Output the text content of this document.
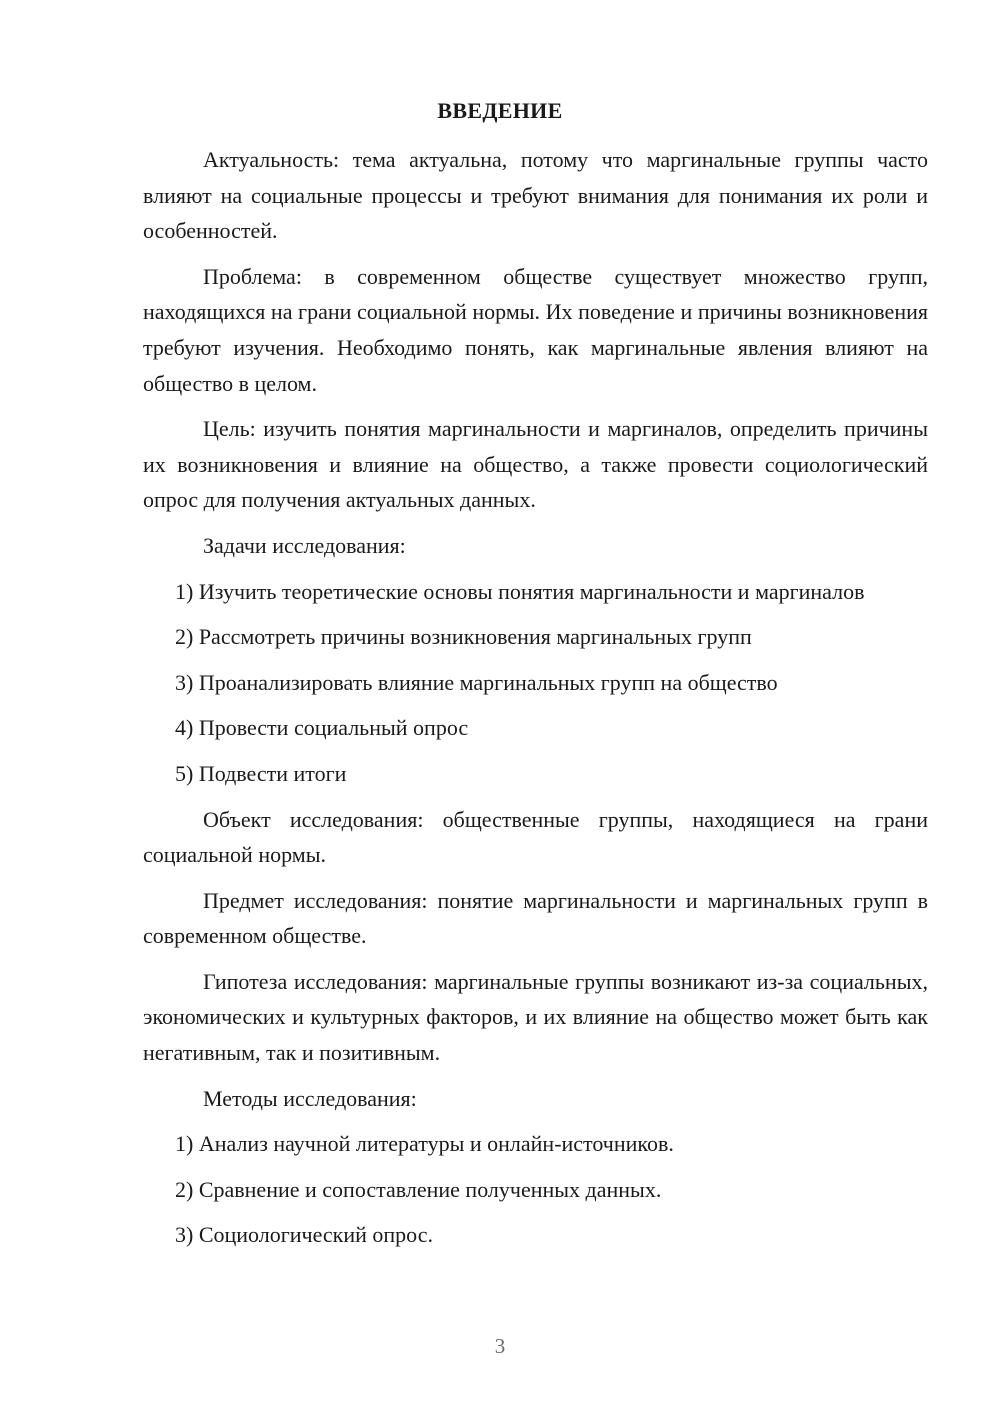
ВВЕДЕНИЕ

Актуальность: тема актуальна, потому что маргинальные группы часто влияют на социальные процессы и требуют внимания для понимания их роли и особенностей.

Проблема: в современном обществе существует множество групп, находящихся на грани социальной нормы. Их поведение и причины возникновения требуют изучения. Необходимо понять, как маргинальные явления влияют на общество в целом.

Цель: изучить понятия маргинальности и маргиналов, определить причины их возникновения и влияние на общество, а также провести социологический опрос для получения актуальных данных.

Задачи исследования:

1) Изучить теоретические основы понятия маргинальности и маргиналов

2) Рассмотреть причины возникновения маргинальных групп

3) Проанализировать влияние маргинальных групп на общество

4) Провести социальный опрос

5) Подвести итоги

Объект исследования: общественные группы, находящиеся на грани социальной нормы.

Предмет исследования: понятие маргинальности и маргинальных групп в современном обществе.

Гипотеза исследования: маргинальные группы возникают из-за социальных, экономических и культурных факторов, и их влияние на общество может быть как негативным, так и позитивным.

Методы исследования:

1) Анализ научной литературы и онлайн-источников.

2) Сравнение и сопоставление полученных данных.

3) Социологический опрос.

3
